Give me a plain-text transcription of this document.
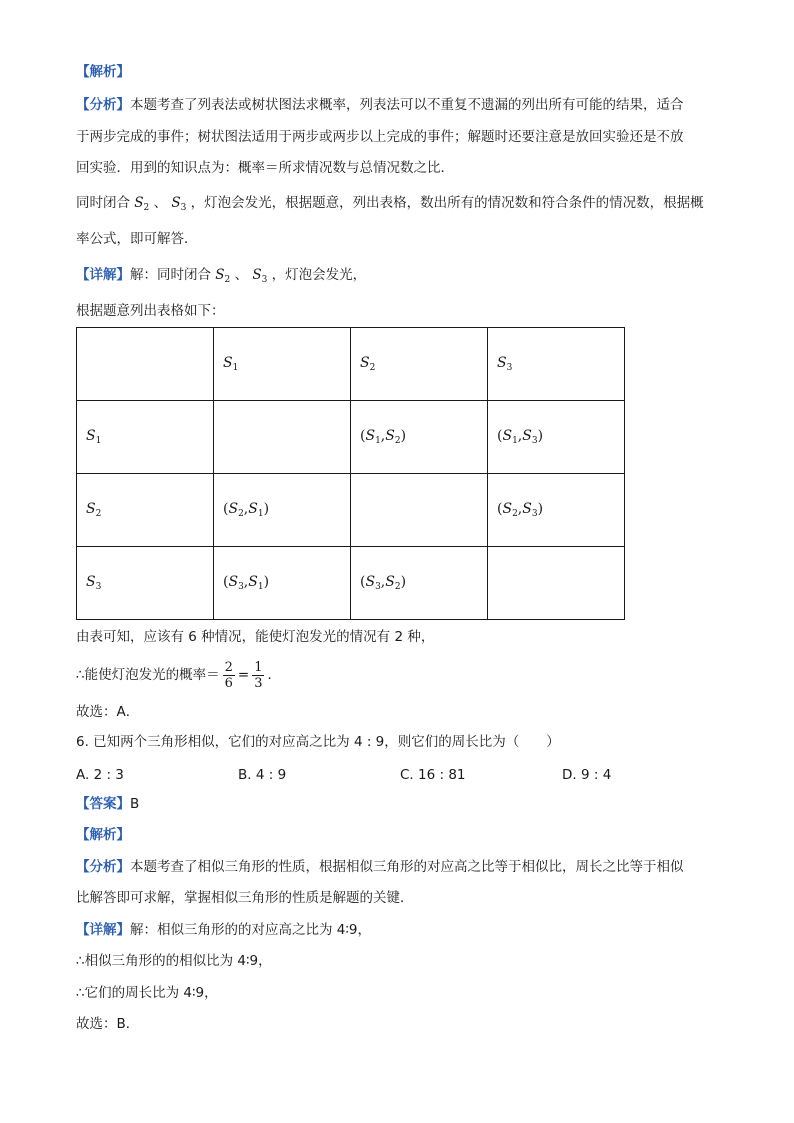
【解析】
【分析】本题考查了列表法或树状图法求概率，列表法可以不重复不遗漏的列出所有可能的结果，适合
于两步完成的事件；树状图法适用于两步或两步以上完成的事件；解题时还要注意是放回实验还是不放
回实验．用到的知识点为：概率＝所求情况数与总情况数之比．
同时闭合 $S_2$ 、 $S_3$ ，灯泡会发光，根据题意，列出表格，数出所有的情况数和符合条件的情况数，根据概
率公式，即可解答．
【详解】解：同时闭合 $S_2$ 、 $S_3$ ，灯泡会发光，
根据题意列出表格如下：
	$S_1$	$S_2$	$S_3$
$S_1$		$(S_1,S_2)$	$(S_1,S_3)$
$S_2$	$(S_2,S_1)$		$(S_2,S_3)$
$S_3$	$(S_3,S_1)$	$(S_3,S_2)$	
由表可知，应该有 6 种情况，能使灯泡发光的情况有 2 种，
∴能使灯泡发光的概率＝ $\frac{2}{6} = \frac{1}{3}$ ．
故选：A．
6. 已知两个三角形相似，它们的对应高之比为 4 : 9，则它们的周长比为（　　）
A. 2 : 3	B. 4 : 9	C. 16 : 81	D. 9 : 4
【答案】B
【解析】
【分析】本题考查了相似三角形的性质，根据相似三角形的对应高之比等于相似比，周长之比等于相似
比解答即可求解，掌握相似三角形的性质是解题的关键．
【详解】解：相似三角形的的对应高之比为 4∶9，
∴相似三角形的的相似比为 4∶9，
∴它们的周长比为 4∶9，
故选：B．
